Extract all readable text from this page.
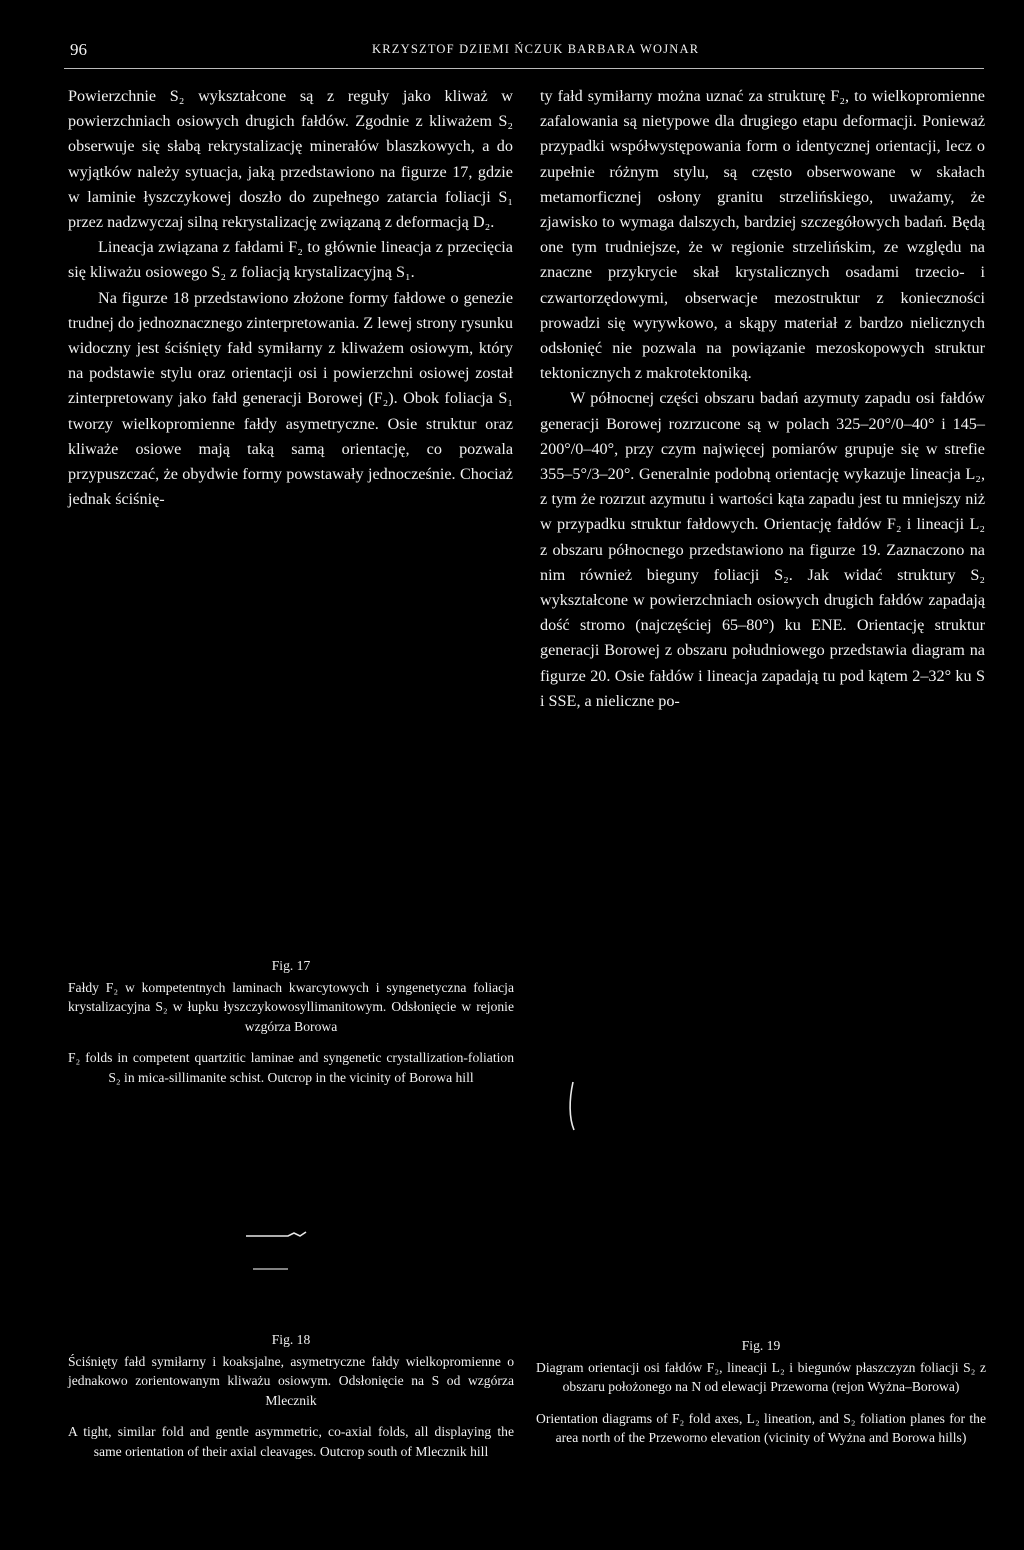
96	KRZYSZTOF DZIEMI ŃCZUK BARBARA WOJNAR

Powierzchnie S₂ wykształcone są z reguły jako kliważ w powierzchniach osiowych drugich fałdów. Zgodnie z kliważem S₂ obserwuje się słabą rekrystalizację minerałów blaszkowych, a do wyjątków należy sytuacja, jaką przedstawiono na figurze 17, gdzie w laminie łyszczykowej doszło do zupełnego zatarcia foliacji S₁ przez nadzwyczaj silną rekrystalizację związaną z deformacją D₂.

Lineacja związana z fałdami F₂ to głównie lineacja z przecięcia się kliważu osiowego S₂ z foliacją krystalizacyjną S₁.

Na figurze 18 przedstawiono złożone formy fałdowe o genezie trudnej do jednoznacznego zinterpretowania. Z lewej strony rysunku widoczny jest ściśnięty fałd symiłarny z kliważem osiowym, który na podstawie stylu oraz orientacji osi i powierzchni osiowej został zinterpretowany jako fałd generacji Borowej (F₂). Obok foliacja S₁ tworzy wielkopromienne fałdy asymetryczne. Osie struktur oraz kliważe osiowe mają taką samą orientację, co pozwala przypuszczać, że obydwie formy powstawały jednocześnie. Chociaż jednak ściśnię-

ty fałd symiłarny można uznać za strukturę F₂, to wielkopromienne zafalowania są nietypowe dla drugiego etapu deformacji. Ponieważ przypadki współwystępowania form o identycznej orientacji, lecz o zupełnie różnym stylu, są często obserwowane w skałach metamorficznej osłony granitu strzelińskiego, uważamy, że zjawisko to wymaga dalszych, bardziej szczegółowych badań. Będą one tym trudniejsze, że w regionie strzelińskim, ze względu na znaczne przykrycie skał krystalicznych osadami trzecio- i czwartorzędowymi, obserwacje mezostruktur z konieczności prowadzi się wyrywkowo, a skąpy materiał z bardzo nielicznych odsłonięć nie pozwala na powiązanie mezoskopowych struktur tektonicznych z makrotektoniką.

W północnej części obszaru badań azymuty zapadu osi fałdów generacji Borowej rozrzucone są w polach 325–20°/0–40° i 145–200°/0–40°, przy czym najwięcej pomiarów grupuje się w strefie 355–5°/3–20°. Generalnie podobną orientację wykazuje lineacja L₂, z tym że rozrzut azymutu i wartości kąta zapadu jest tu mniejszy niż w przypadku struktur fałdowych. Orientację fałdów F₂ i lineacji L₂ z obszaru północnego przedstawiono na figurze 19. Zaznaczono na nim również bieguny foliacji S₂. Jak widać struktury S₂ wykształcone w powierzchniach osiowych drugich fałdów zapadają dość stromo (najczęściej 65–80°) ku ENE. Orientację struktur generacji Borowej z obszaru południowego przedstawia diagram na figurze 20. Osie fałdów i lineacja zapadają tu pod kątem 2–32° ku S i SSE, a nieliczne po-

Fig. 17
Fałdy F₂ w kompetentnych laminach kwarcytowych i syngenetyczna foliacja krystalizacyjna S₂ w łupku łyszczykowosyllimanitowym. Odsłonięcie w rejonie wzgórza Borowa
F₂ folds in competent quartzitic laminae and syngenetic crystallization-foliation S₂ in mica-sillimanite schist. Outcrop in the vicinity of Borowa hill
Fig. 18
Ściśnięty fałd symiłarny i koaksjalne, asymetryczne fałdy wielkopromienne o jednakowo zorientowanym kliważu osiowym. Odsłonięcie na S od wzgórza Mlecznik
A tight, similar fold and gentle asymmetric, co-axial folds, all displaying the same orientation of their axial cleavages. Outcrop south of Mlecznik hill
Fig. 19
Diagram orientacji osi fałdów F₂, lineacji L₂ i biegunów płaszczyzn foliacji S₂ z obszaru położonego na N od elewacji Przeworna (rejon Wyżna–Borowa)
Orientation diagrams of F₂ fold axes, L₂ lineation, and S₂ foliation planes for the area north of the Przeworno elevation (vicinity of Wyżna and Borowa hills)
